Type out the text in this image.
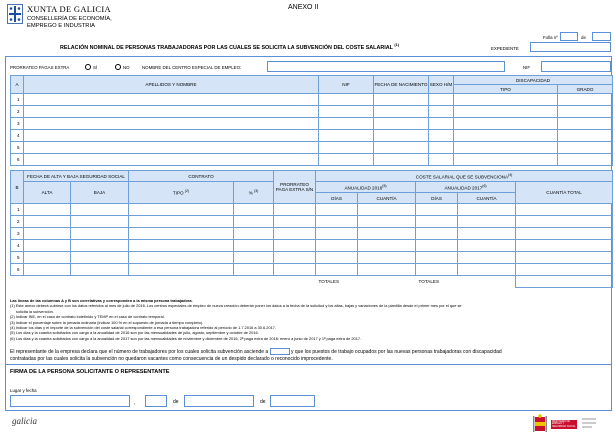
XUNTA DE GALICIA
CONSELLERÍA DE ECONOMÍA,
EMPREGO E INDUSTRIA
ANEXO II
Folla nº	de
RELACIÓN NOMINAL DE PERSONAS TRABAJADORAS POR LAS CUALES SE SOLICITA LA SUBVENCIÓN DEL COSTE SALARIAL $^{(1)}$
EXPEDIENTE
PRORRATEO PAGAS EXTRA	SÍ	NO	NOMBRE DEL CENTRO ESPECIAL DE EMPLEO:	NIF
A	APELLIDOS Y NOMBRE	NIF	FECHA DE NACIMIENTO	SEXO H/M	DISCAPACIDAD	
					TIPO	GRADO
1						
2						
3						
4						
5						
6						
B	FECHA DE ALTA Y BAJA SEGURIDAD SOCIAL		CONTRATO		PRORRATEO PAGA EXTRA S/N	COSTE SALARIAL QUE SE SUBVENCIONA$^{(4)}$
	ALTA	BAJA	TIPO $^{(2)}$	% $^{(3)}$		ANUALIDAD 2016$^{(5)}$		ANUALIDAD 2017$^{(6)}$		CUANTÍA TOTAL
						DÍAS	CUANTÍA	DÍAS	CUANTÍA	
1										
2										
3										
4										
5										
6										
						TOTALES		TOTALES		
Las líneas de las columnas A y B son correlativas y corresponden a la misma persona trabajadora.
(1) Este anexo deberá cubrirse con los datos referidos al mes de julio de 2016. Los centros especiales de empleo de nueva creación deberán poner los datos a la fecha de la solicitud y los altas, bajas y variaciones de la plantilla desde el primer mes por el que se
solicita la subvención.
(2) Indicar INE, en el caso de contrato indefinido y TEMP en el caso de contrato temporal.
(3) Indicar el porcentaje sobre la jornada ordinaria (indicar 100 % en el supuesto de jornada a tiempo completo).
(4) Indicar los días y el importe de la subvención del coste salarial correspondiente a esa persona trabajadora referido al período de 1.7.2016 a 30.6.2017.
(5) Los días y la cuantía solicitados con cargo a la anualidad de 2016 son por las mensualidades de julio, agosto, septiembre y octubre de 2016.
(6) Los días y la cuantía solicitados con cargo a la anualidad de 2017 son por las mensualidades de noviembre y diciembre de 2016, 2ª paga extra de 2016; enero a junio de 2017 y 1ª paga extra de 2017.
El representante de la empresa declara que el número de trabajadores por los cuales solicita subvención asciende a	y que los puestos de trabajo ocupados por las nuevas personas trabajadoras con discapacidad
contratadas por las cuales solicita la subvención no quedaron vacantes como consecuencia de un despido declarado o reconocido improcedente.
FIRMA DE LA PERSONA SOLICITANTE O REPRESENTANTE
Lugar y fecha
,	de	de
galicia	MINISTERIO DE EMPLEO Y SEGURIDAD SOCIAL
